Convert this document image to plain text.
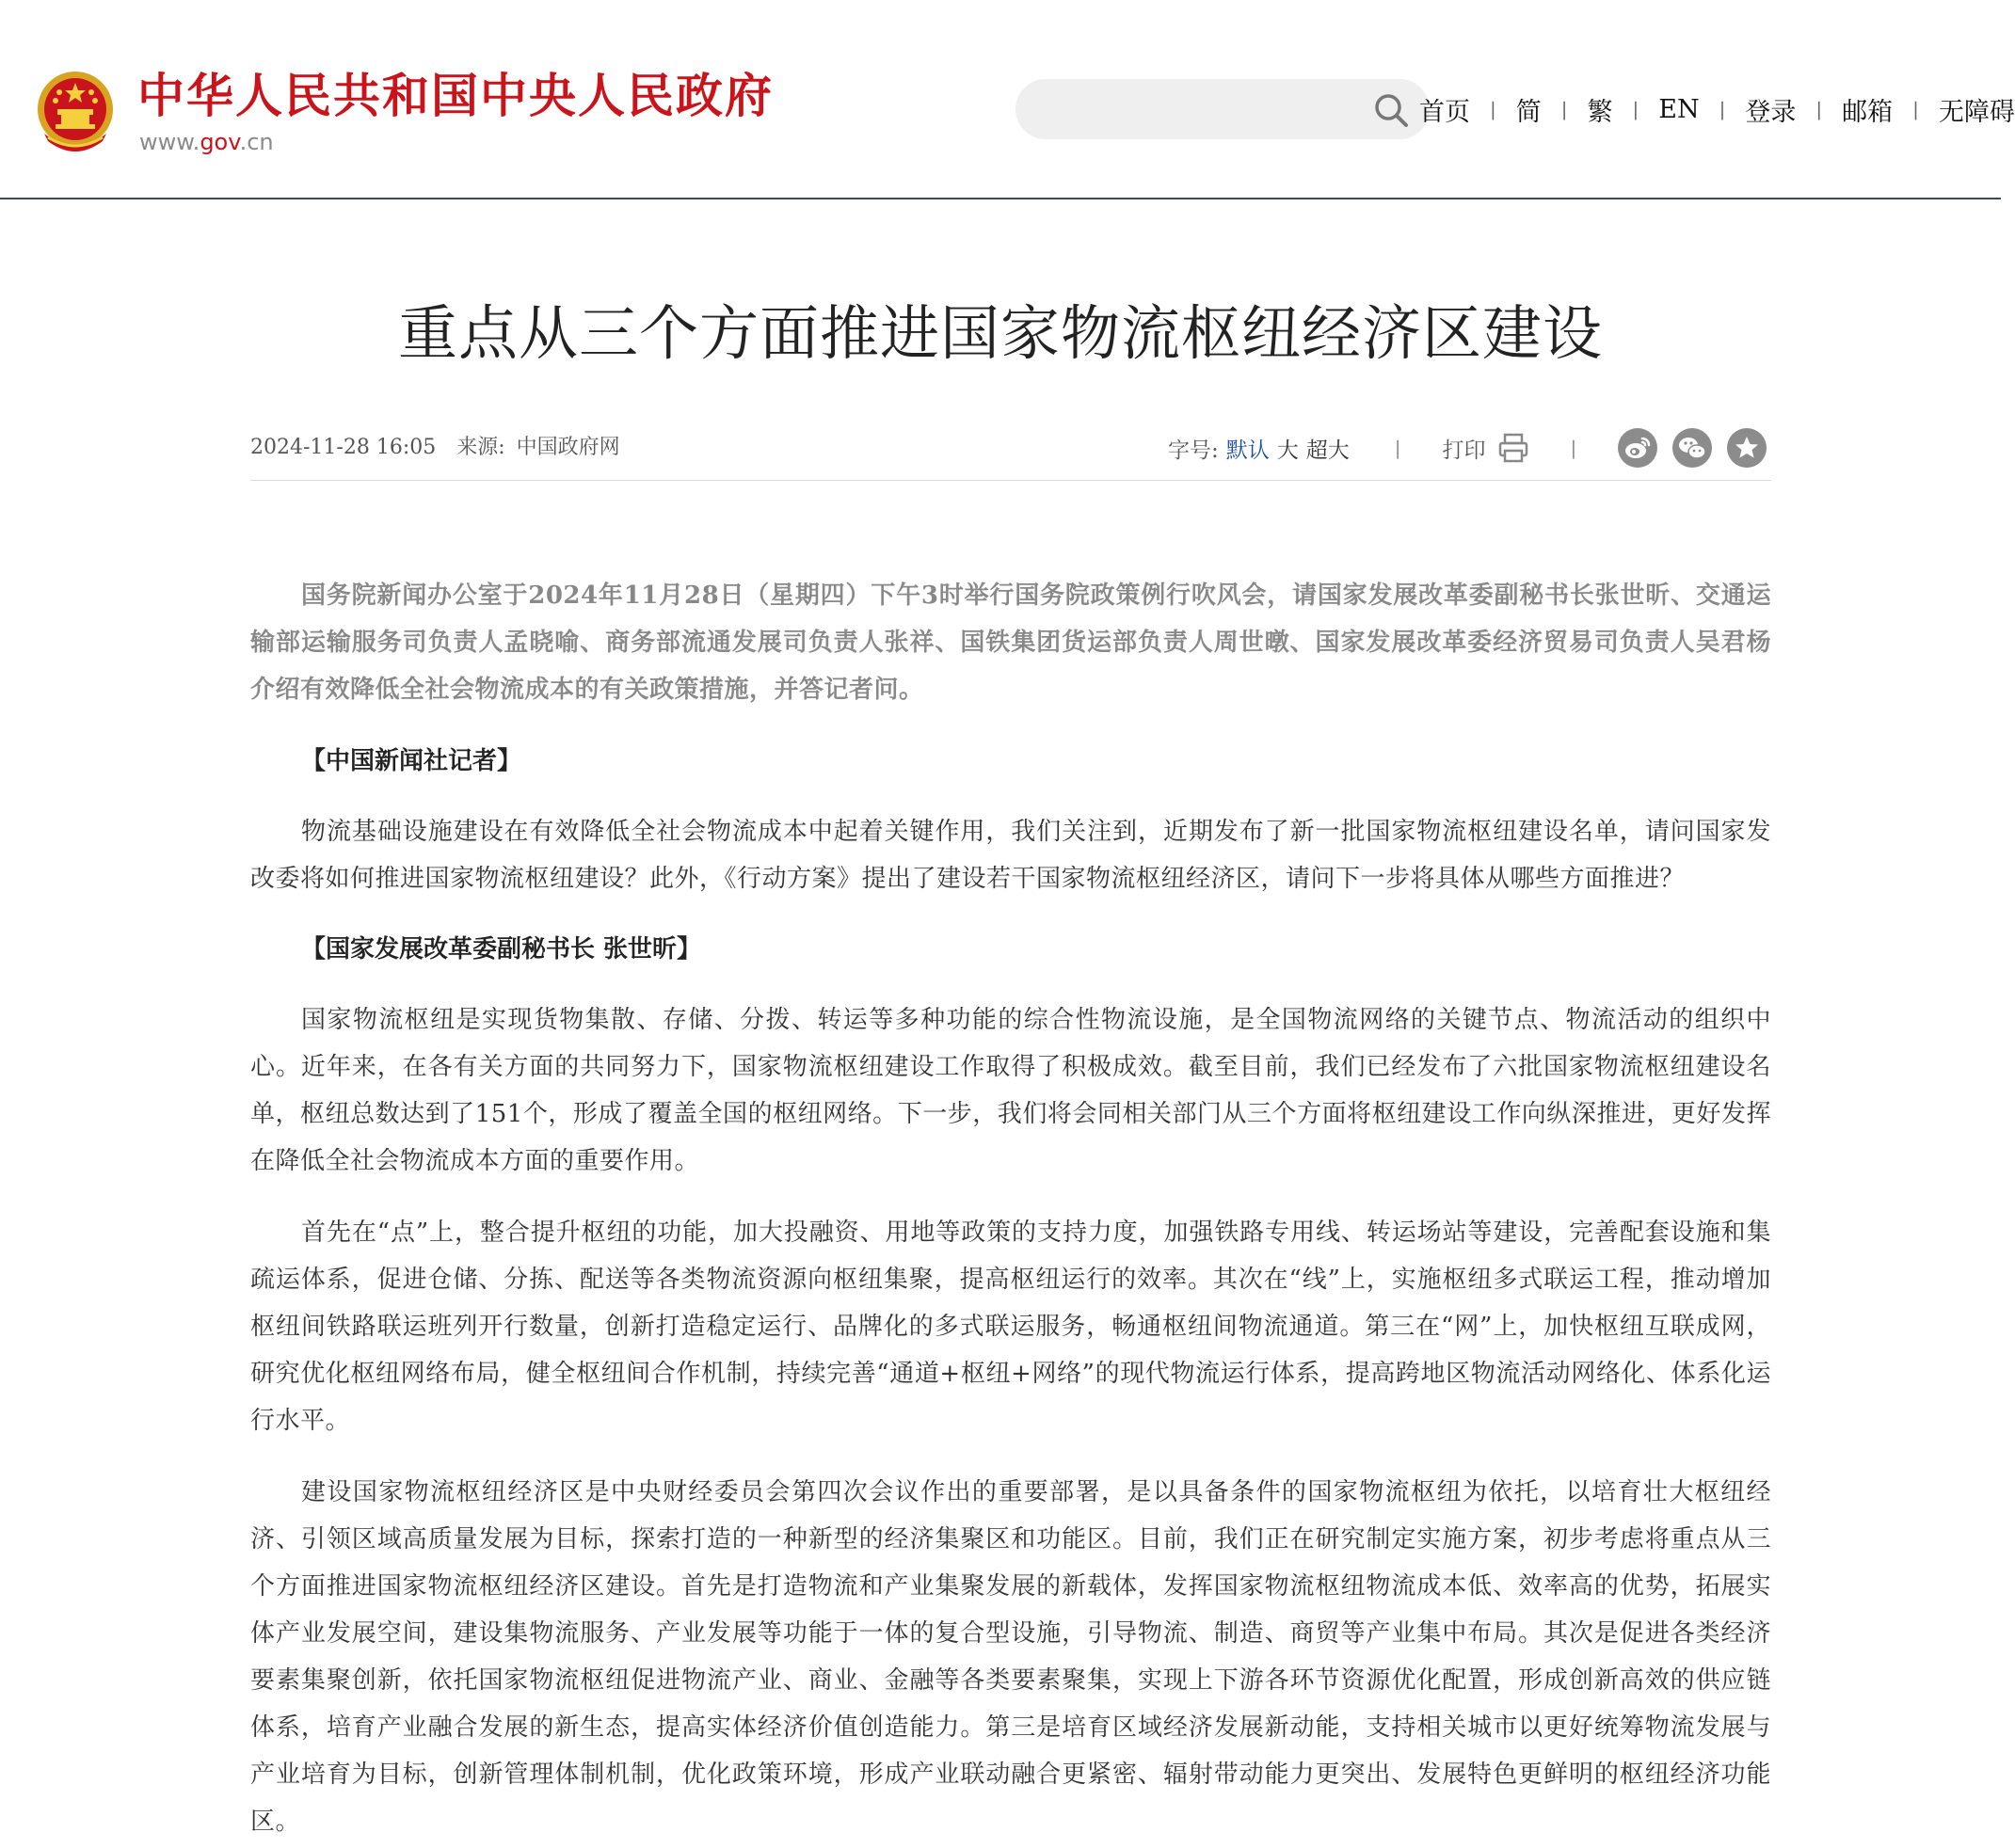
中华人民共和国中央人民政府
www.gov.cn
首页 | 简 | 繁 | EN | 登录 | 邮箱 | 无障碍
重点从三个方面推进国家物流枢纽经济区建设
2024-11-28 16:05 来源: 中国政府网	字号: 默认 大 超大 | 打印	|

国务院新闻办公室于2024年11月28日（星期四）下午3时举行国务院政策例行吹风会，请国家发展改革委副秘书长张世昕、交通运输部运输服务司负责人孟晓喻、商务部流通发展司负责人张祥、国铁集团货运部负责人周世暾、国家发展改革委经济贸易司负责人吴君杨介绍有效降低全社会物流成本的有关政策措施，并答记者问。

【中国新闻社记者】

物流基础设施建设在有效降低全社会物流成本中起着关键作用，我们关注到，近期发布了新一批国家物流枢纽建设名单，请问国家发改委将如何推进国家物流枢纽建设？此外，《行动方案》提出了建设若干国家物流枢纽经济区，请问下一步将具体从哪些方面推进？

【国家发展改革委副秘书长 张世昕】

国家物流枢纽是实现货物集散、存储、分拨、转运等多种功能的综合性物流设施，是全国物流网络的关键节点、物流活动的组织中心。近年来，在各有关方面的共同努力下，国家物流枢纽建设工作取得了积极成效。截至目前，我们已经发布了六批国家物流枢纽建设名单，枢纽总数达到了151个，形成了覆盖全国的枢纽网络。下一步，我们将会同相关部门从三个方面将枢纽建设工作向纵深推进，更好发挥在降低全社会物流成本方面的重要作用。

首先在“点”上，整合提升枢纽的功能，加大投融资、用地等政策的支持力度，加强铁路专用线、转运场站等建设，完善配套设施和集疏运体系，促进仓储、分拣、配送等各类物流资源向枢纽集聚，提高枢纽运行的效率。其次在“线”上，实施枢纽多式联运工程，推动增加枢纽间铁路联运班列开行数量，创新打造稳定运行、品牌化的多式联运服务，畅通枢纽间物流通道。第三在“网”上，加快枢纽互联成网，研究优化枢纽网络布局，健全枢纽间合作机制，持续完善“通道+枢纽+网络”的现代物流运行体系，提高跨地区物流活动网络化、体系化运行水平。

建设国家物流枢纽经济区是中央财经委员会第四次会议作出的重要部署，是以具备条件的国家物流枢纽为依托，以培育壮大枢纽经济、引领区域高质量发展为目标，探索打造的一种新型的经济集聚区和功能区。目前，我们正在研究制定实施方案，初步考虑将重点从三个方面推进国家物流枢纽经济区建设。首先是打造物流和产业集聚发展的新载体，发挥国家物流枢纽物流成本低、效率高的优势，拓展实体产业发展空间，建设集物流服务、产业发展等功能于一体的复合型设施，引导物流、制造、商贸等产业集中布局。其次是促进各类经济要素集聚创新，依托国家物流枢纽促进物流产业、商业、金融等各类要素聚集，实现上下游各环节资源优化配置，形成创新高效的供应链体系，培育产业融合发展的新生态，提高实体经济价值创造能力。第三是培育区域经济发展新动能，支持相关城市以更好统筹物流发展与产业培育为目标，创新管理体制机制，优化政策环境，形成产业联动融合更紧密、辐射带动能力更突出、发展特色更鲜明的枢纽经济功能区。
